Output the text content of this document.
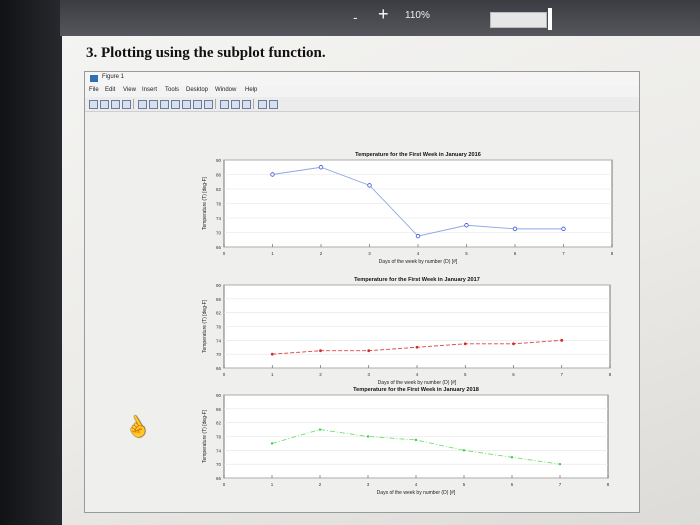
- + 110%
3. Plotting using the subplot function.
Figure 1
File Edit View Insert Tools Desktop Window Help
66
70
74
78
82
86
90
0	1	2	3	4	5	6	7	8
Temperature for the First Week in January 2016
Days of the week by number (D) [#]
Temperature (T) [deg-F]
66
70
74
78
82
86
90
0	1	2	3	4	5	6	7	8
Temperature for the First Week in January 2017
Days of the week by number (D) [#]
Temperature (T) [deg-F]
66
70
74
78
82
86
90
0	1	2	3	4	5	6	7	8
Temperature for the First Week in January 2018
Days of the week by number (D) [#]
Temperature (T) [deg-F]
☝
